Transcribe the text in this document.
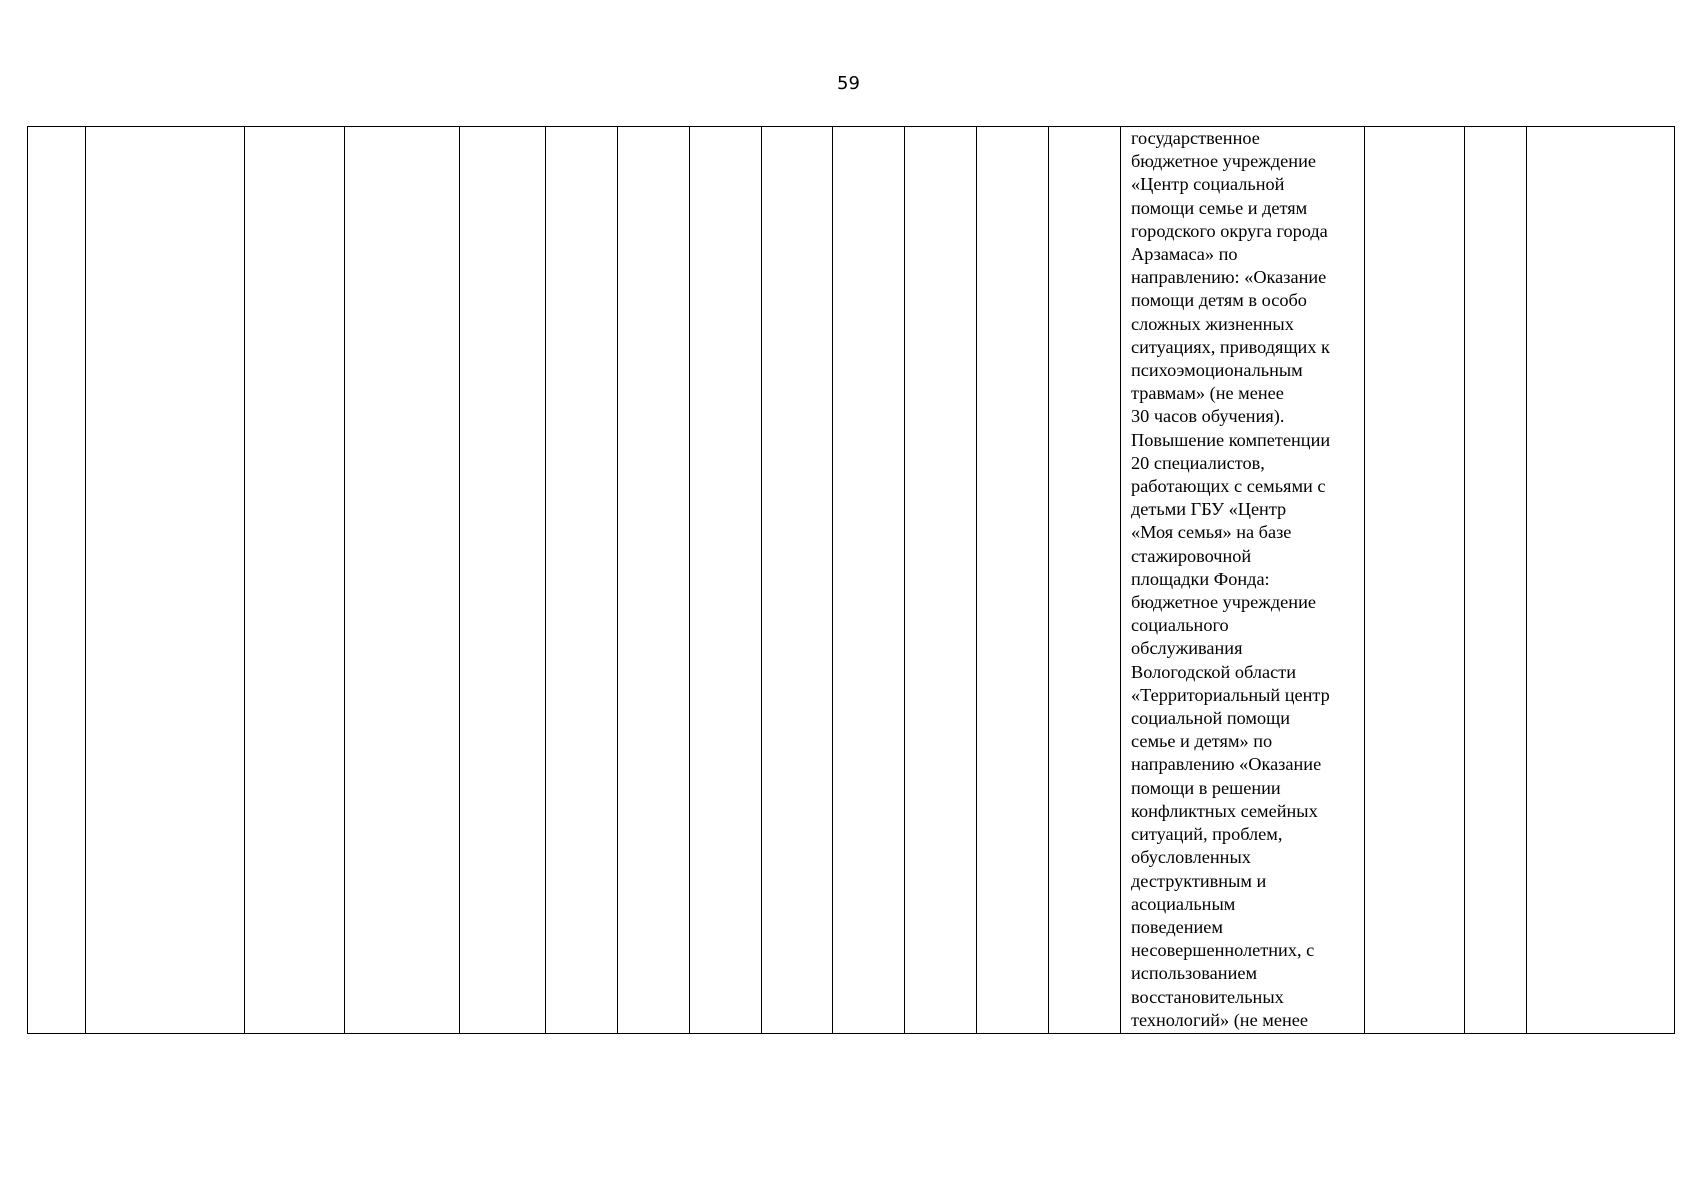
59
государственное
бюджетное учреждение
«Центр социальной
помощи семье и детям
городского округа города
Арзамаса» по
направлению: «Оказание
помощи детям в особо
сложных жизненных
ситуациях, приводящих к
психоэмоциональным
травмам» (не менее
30 часов обучения).
Повышение компетенции
20 специалистов,
работающих с семьями с
детьми ГБУ «Центр
«Моя семья» на базе
стажировочной
площадки Фонда:
бюджетное учреждение
социального
обслуживания
Вологодской области
«Территориальный центр
социальной помощи
семье и детям» по
направлению «Оказание
помощи в решении
конфликтных семейных
ситуаций, проблем,
обусловленных
деструктивным и
асоциальным
поведением
несовершеннолетних, с
использованием
восстановительных
технологий» (не менее
